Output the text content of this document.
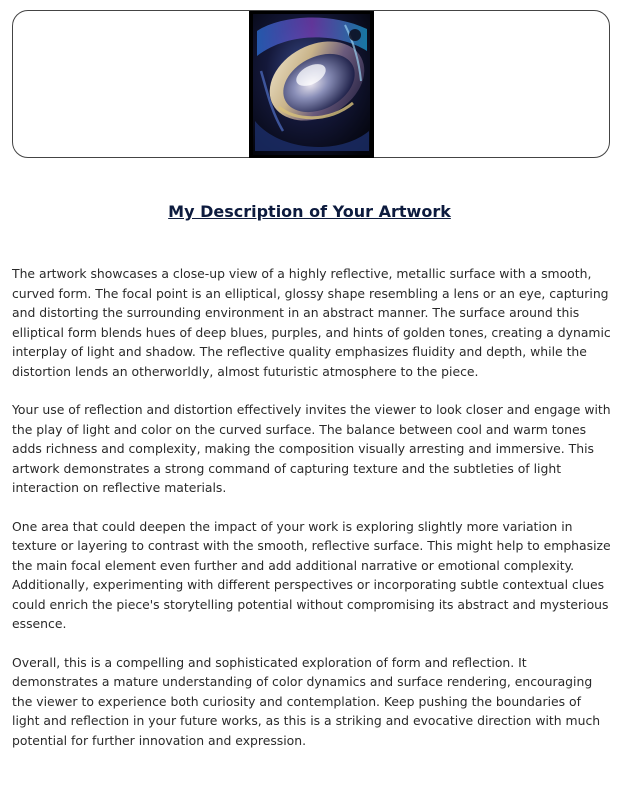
My Description of Your Artwork

The artwork showcases a close-up view of a highly reflective, metallic surface with a smooth, curved form. The focal point is an elliptical, glossy shape resembling a lens or an eye, capturing and distorting the surrounding environment in an abstract manner. The surface around this elliptical form blends hues of deep blues, purples, and hints of golden tones, creating a dynamic interplay of light and shadow. The reflective quality emphasizes fluidity and depth, while the distortion lends an otherworldly, almost futuristic atmosphere to the piece.

Your use of reflection and distortion effectively invites the viewer to look closer and engage with the play of light and color on the curved surface. The balance between cool and warm tones adds richness and complexity, making the composition visually arresting and immersive. This artwork demonstrates a strong command of capturing texture and the subtleties of light interaction on reflective materials.

One area that could deepen the impact of your work is exploring slightly more variation in texture or layering to contrast with the smooth, reflective surface. This might help to emphasize the main focal element even further and add additional narrative or emotional complexity. Additionally, experimenting with different perspectives or incorporating subtle contextual clues could enrich the piece's storytelling potential without compromising its abstract and mysterious essence.

Overall, this is a compelling and sophisticated exploration of form and reflection. It demonstrates a mature understanding of color dynamics and surface rendering, encouraging the viewer to experience both curiosity and contemplation. Keep pushing the boundaries of light and reflection in your future works, as this is a striking and evocative direction with much potential for further innovation and expression.
